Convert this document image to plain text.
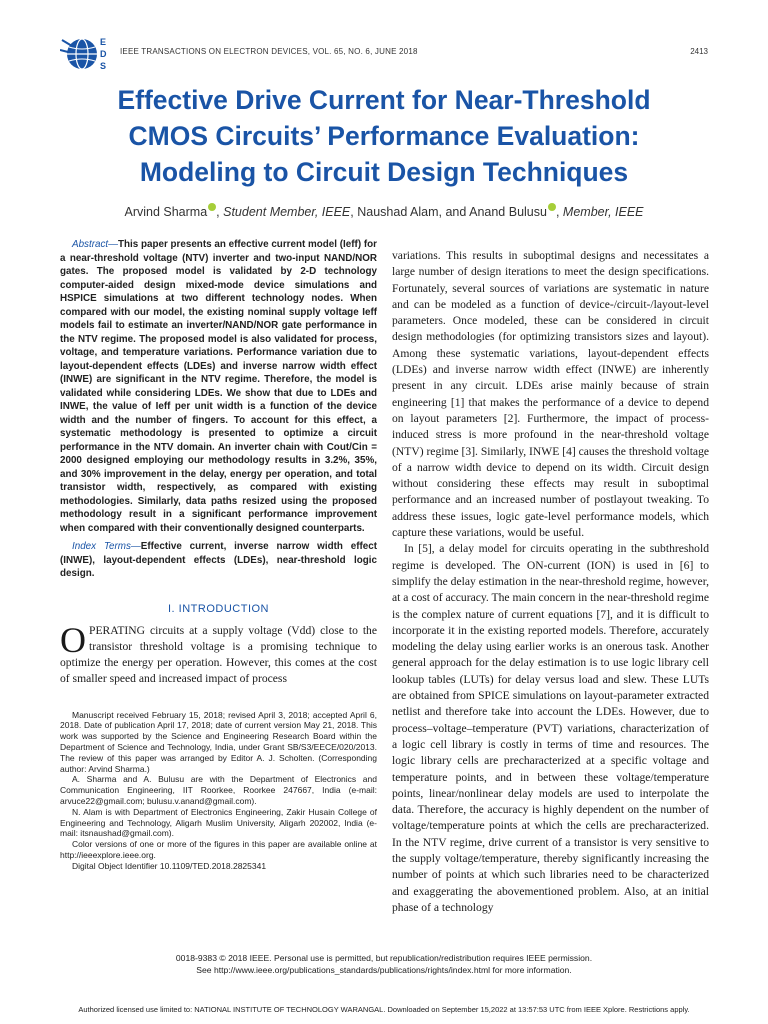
E
D
S
IEEE TRANSACTIONS ON ELECTRON DEVICES, VOL. 65, NO. 6, JUNE 2018	2413
Effective Drive Current for Near-Threshold
CMOS Circuits’ Performance Evaluation:
Modeling to Circuit Design Techniques
Arvind Sharma , Student Member, IEEE, Naushad Alam, and Anand Bulusu , Member, IEEE

Abstract—This paper presents an effective current model (Ieff) for a near-threshold voltage (NTV) inverter and two-input NAND/NOR gates. The proposed model is validated by 2-D technology computer-aided design mixed-mode device simulations and HSPICE simulations at two different technology nodes. When compared with our model, the existing nominal supply voltage Ieff models fail to estimate an inverter/NAND/NOR gate performance in the NTV regime. The proposed model is also validated for process, voltage, and temperature variations. Performance variation due to layout-dependent effects (LDEs) and inverse narrow width effect (INWE) are significant in the NTV regime. Therefore, the model is validated while considering LDEs. We show that due to LDEs and INWE, the value of Ieff per unit width is a function of the device width and the number of fingers. To account for this effect, a systematic methodology is presented to optimize a circuit performance in the NTV domain. An inverter chain with Cout/Cin = 2000 designed employing our methodology results in 3.2%, 35%, and 30% improvement in the delay, energy per operation, and total transistor width, respectively, as compared with existing methodologies. Similarly, data paths resized using the proposed methodology result in a significant performance improvement when compared with their conventionally designed counterparts.

Index Terms—Effective current, inverse narrow width effect (INWE), layout-dependent effects (LDEs), near-threshold logic design.

I. INTRODUCTION

OPERATING circuits at a supply voltage (Vdd) close to the transistor threshold voltage is a promising technique to optimize the energy per operation. However, this comes at the cost of smaller speed and increased impact of process

Manuscript received February 15, 2018; revised April 3, 2018; accepted April 6, 2018. Date of publication April 17, 2018; date of current version May 21, 2018. This work was supported by the Science and Engineering Research Board within the Department of Science and Technology, India, under Grant SB/S3/EECE/020/2013. The review of this paper was arranged by Editor A. J. Scholten. (Corresponding author: Arvind Sharma.)

A. Sharma and A. Bulusu are with the Department of Electronics and Communication Engineering, IIT Roorkee, Roorkee 247667, India (e-mail: arvuce22@gmail.com; bulusu.v.anand@gmail.com).

N. Alam is with Department of Electronics Engineering, Zakir Husain College of Engineering and Technology, Aligarh Muslim University, Aligarh 202002, India (e-mail: itsnaushad@gmail.com).

Color versions of one or more of the figures in this paper are available online at http://ieeexplore.ieee.org.

Digital Object Identifier 10.1109/TED.2018.2825341

variations. This results in suboptimal designs and necessitates a large number of design iterations to meet the design specifications. Fortunately, several sources of variations are systematic in nature and can be modeled as a function of device-/circuit-/layout-level parameters. Once modeled, these can be considered in circuit design methodologies (for optimizing transistors sizes and layout). Among these systematic variations, layout-dependent effects (LDEs) and inverse narrow width effect (INWE) are inherently present in any circuit. LDEs arise mainly because of strain engineering [1] that makes the performance of a device to depend on layout parameters [2]. Furthermore, the impact of process-induced stress is more profound in the near-threshold voltage (NTV) regime [3]. Similarly, INWE [4] causes the threshold voltage of a narrow width device to depend on its width. Circuit design without considering these effects may result in suboptimal performance and an increased number of postlayout tweaking. To address these issues, logic gate-level performance models, which capture these variations, would be useful.

In [5], a delay model for circuits operating in the subthreshold regime is developed. The ON-current (ION) is used in [6] to simplify the delay estimation in the near-threshold regime, however, at a cost of accuracy. The main concern in the near-threshold regime is the complex nature of current equations [7], and it is difficult to incorporate it in the existing reported models. Therefore, accurately modeling the delay using earlier works is an onerous task. Another general approach for the delay estimation is to use logic library cell lookup tables (LUTs) for delay versus load and slew. These LUTs are obtained from SPICE simulations on layout-parameter extracted netlist and therefore take into account the LDEs. However, due to process–voltage–temperature (PVT) variations, characterization of a logic cell library is costly in terms of time and resources. The logic library cells are precharacterized at a specific voltage and temperature points, and in between these voltage/temperature points, linear/nonlinear delay models are used to interpolate the data. Therefore, the accuracy is highly dependent on the number of voltage/temperature points at which the cells are precharacterized. In the NTV regime, drive current of a transistor is very sensitive to the supply voltage/temperature, thereby significantly increasing the number of points at which such libraries need to be characterized and exaggerating the abovementioned problem. Also, at an initial phase of a technology

0018-9383 © 2018 IEEE. Personal use is permitted, but republication/redistribution requires IEEE permission.
See http://www.ieee.org/publications_standards/publications/rights/index.html for more information.
Authorized licensed use limited to: NATIONAL INSTITUTE OF TECHNOLOGY WARANGAL. Downloaded on September 15,2022 at 13:57:53 UTC from IEEE Xplore. Restrictions apply.
